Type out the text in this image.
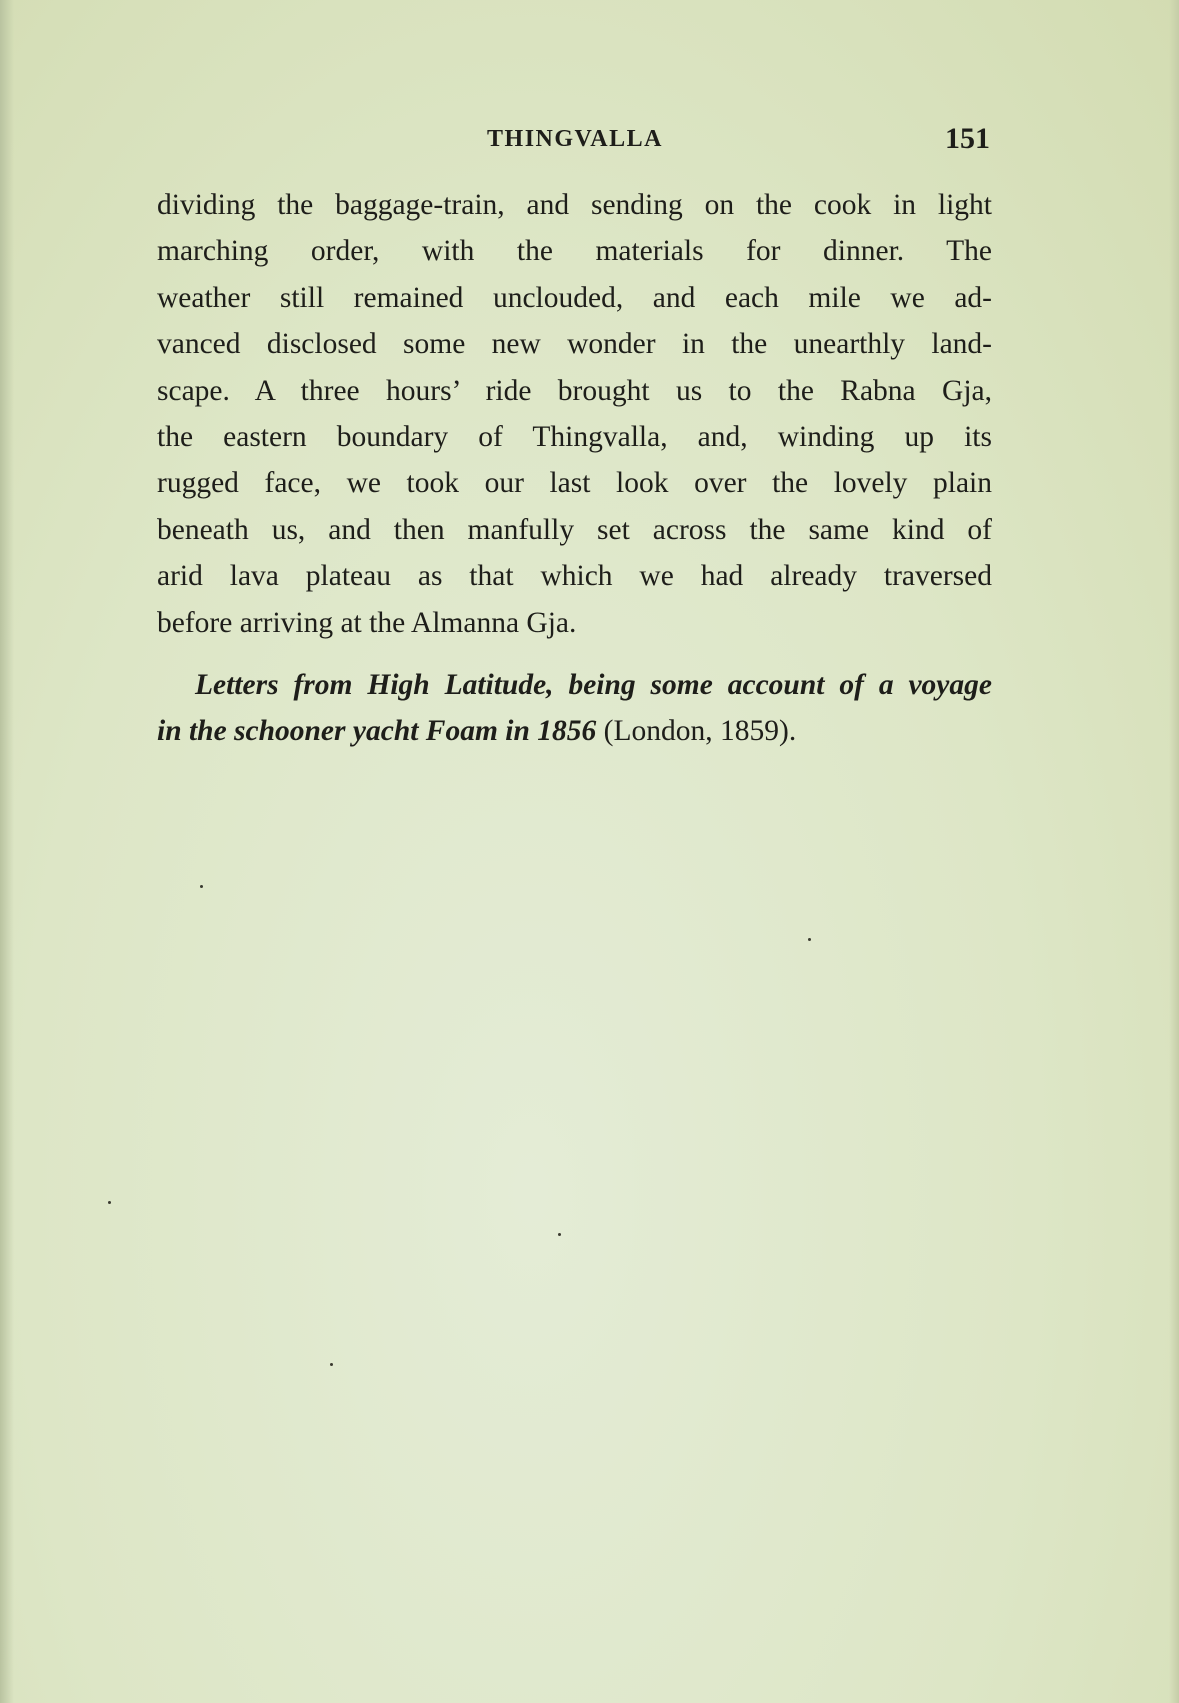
THINGVALLA	151
dividing the baggage-train, and sending on the cook in light
marching order, with the materials for dinner. The
weather still remained unclouded, and each mile we ad-
vanced disclosed some new wonder in the unearthly land-
scape. A three hours’ ride brought us to the Rabna Gja,
the eastern boundary of Thingvalla, and, winding up its
rugged face, we took our last look over the lovely plain
beneath us, and then manfully set across the same kind of
arid lava plateau as that which we had already traversed
before arriving at the Almanna Gja.
Letters from High Latitude, being some account of a voyage
in the schooner yacht Foam in 1856 (London, 1859).
